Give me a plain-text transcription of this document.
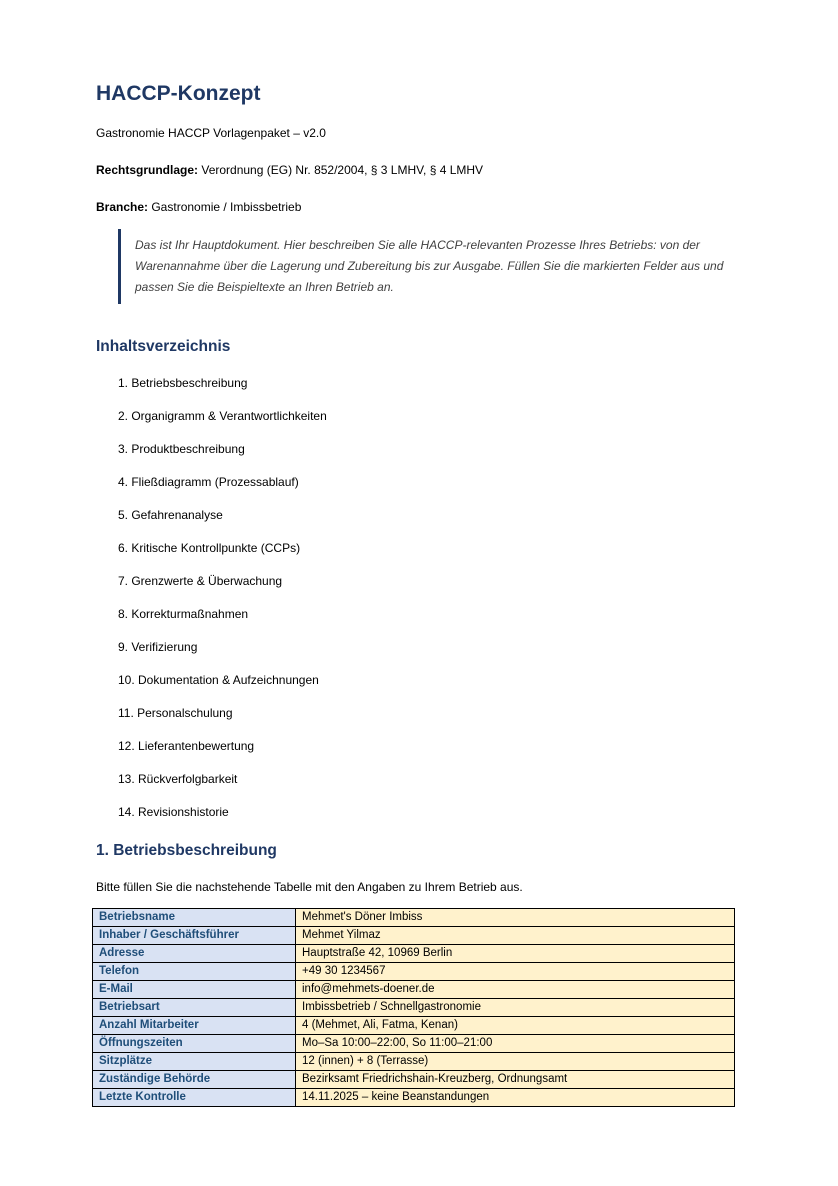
HACCP-Konzept

Gastronomie HACCP Vorlagenpaket – v2.0

Rechtsgrundlage: Verordnung (EG) Nr. 852/2004, § 3 LMHV, § 4 LMHV

Branche: Gastronomie / Imbissbetrieb

Das ist Ihr Hauptdokument. Hier beschreiben Sie alle HACCP-relevanten Prozesse Ihres Betriebs: von der Warenannahme über die Lagerung und Zubereitung bis zur Ausgabe. Füllen Sie die markierten Felder aus und passen Sie die Beispieltexte an Ihren Betrieb an.
Inhaltsverzeichnis

1. Betriebsbeschreibung

2. Organigramm & Verantwortlichkeiten

3. Produktbeschreibung

4. Fließdiagramm (Prozessablauf)

5. Gefahrenanalyse

6. Kritische Kontrollpunkte (CCPs)

7. Grenzwerte & Überwachung

8. Korrekturmaßnahmen

9. Verifizierung

10. Dokumentation & Aufzeichnungen

11. Personalschulung

12. Lieferantenbewertung

13. Rückverfolgbarkeit

14. Revisionshistorie

1. Betriebsbeschreibung

Bitte füllen Sie die nachstehende Tabelle mit den Angaben zu Ihrem Betrieb aus.

Betriebsname	Mehmet's Döner Imbiss
Inhaber / Geschäftsführer	Mehmet Yilmaz
Adresse	Hauptstraße 42, 10969 Berlin
Telefon	+49 30 1234567
E-Mail	info@mehmets-doener.de
Betriebsart	Imbissbetrieb / Schnellgastronomie
Anzahl Mitarbeiter	4 (Mehmet, Ali, Fatma, Kenan)
Öffnungszeiten	Mo–Sa 10:00–22:00, So 11:00–21:00
Sitzplätze	12 (innen) + 8 (Terrasse)
Zuständige Behörde	Bezirksamt Friedrichshain-Kreuzberg, Ordnungsamt
Letzte Kontrolle	14.11.2025 – keine Beanstandungen
